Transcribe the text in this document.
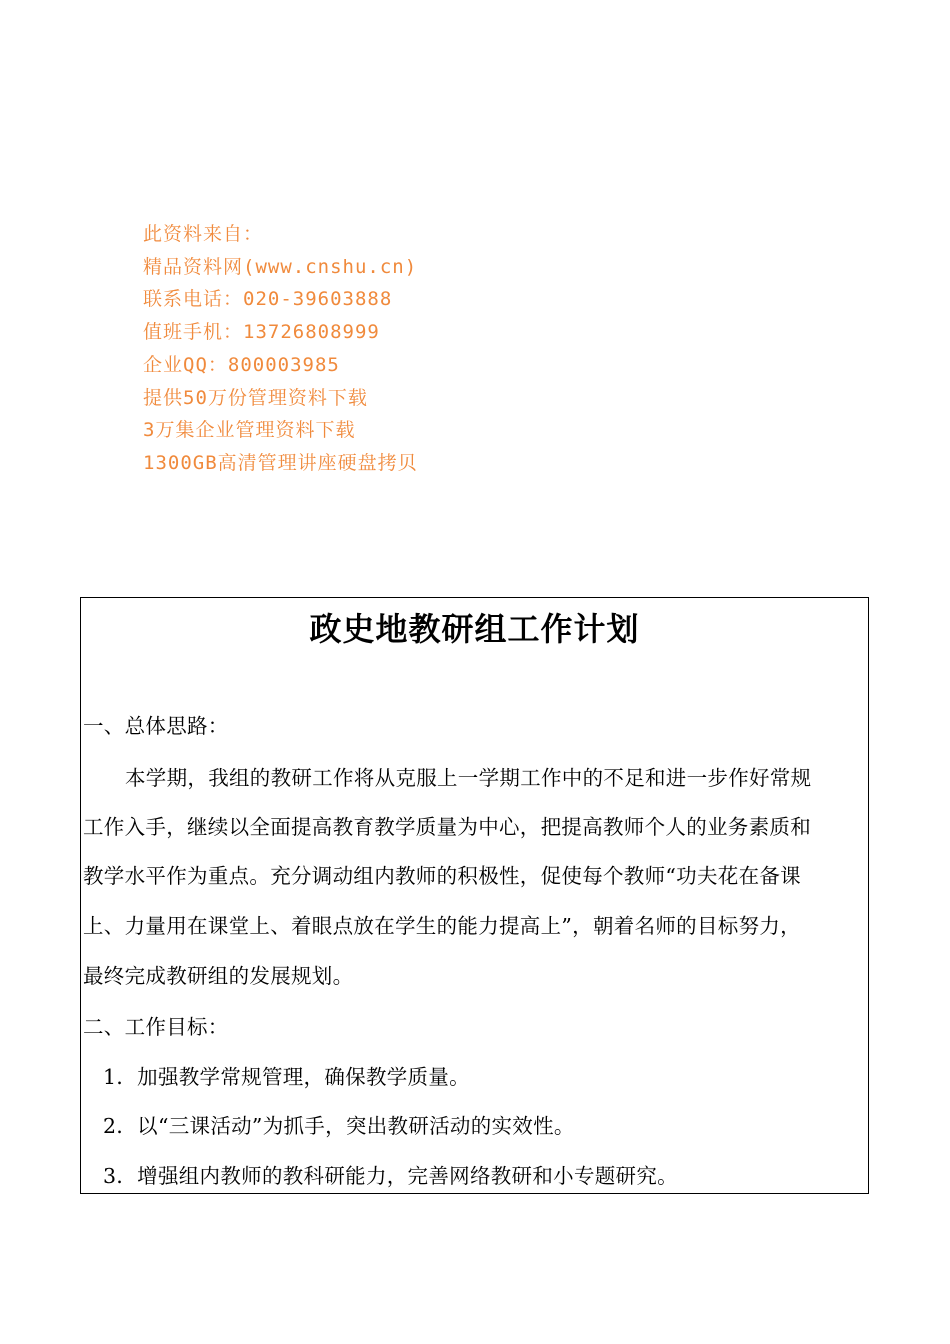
此资料来自：
精品资料网(www.cnshu.cn)
联系电话：020-39603888
值班手机：13726808999
企业QQ：800003985
提供50万份管理资料下载
3万集企业管理资料下载
1300GB高清管理讲座硬盘拷贝
政史地教研组工作计划
一、总体思路：
本学期，我组的教研工作将从克服上一学期工作中的不足和进一步作好常规
工作入手，继续以全面提高教育教学质量为中心，把提高教师个人的业务素质和
教学水平作为重点。充分调动组内教师的积极性，促使每个教师“功夫花在备课
上、力量用在课堂上、着眼点放在学生的能力提高上”，朝着名师的目标努力，
最终完成教研组的发展规划。
二、工作目标：
1．加强教学常规管理，确保教学质量。
2．以“三课活动”为抓手，突出教研活动的实效性。
3．增强组内教师的教科研能力，完善网络教研和小专题研究。
